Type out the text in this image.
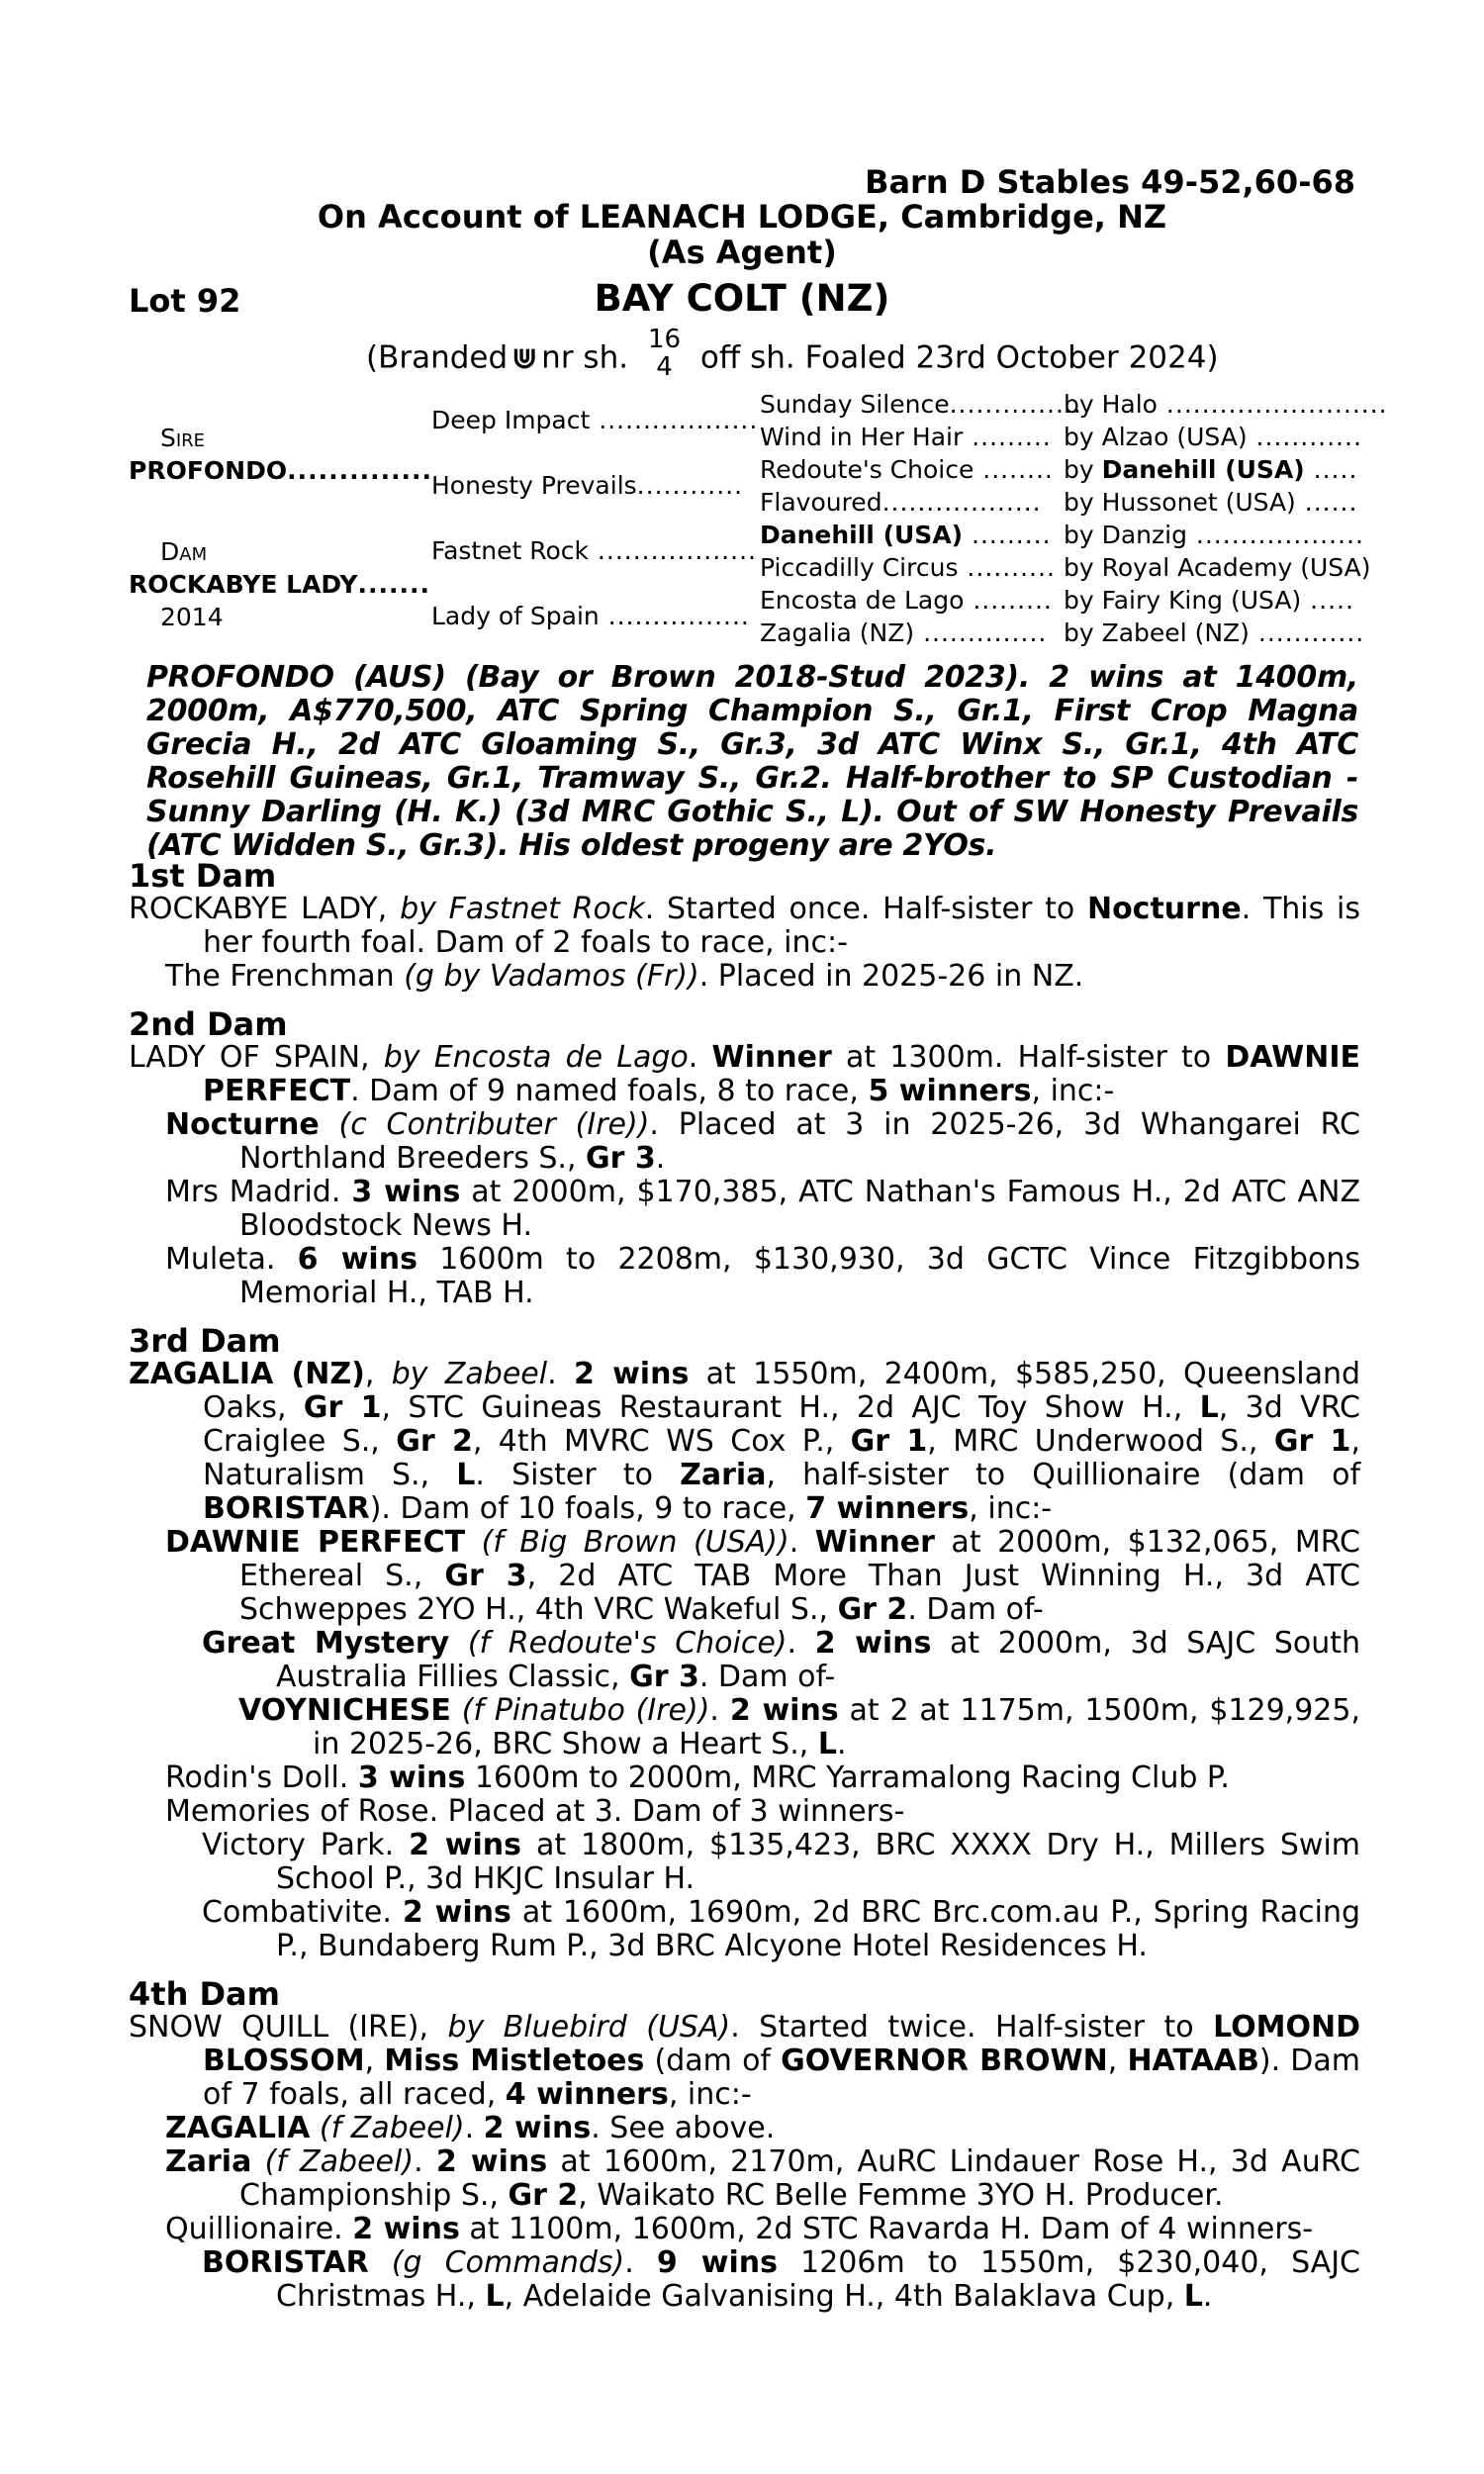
Barn D Stables 49-52,60-68
On Account of LEANACH LODGE, Cambridge, NZ
(As Agent)
Lot 92	BAY COLT (NZ)
(Branded ⋓ nr sh. 16
4 off sh. Foaled 23rd October 2024)
Sire
PROFONDO..............
Dam
ROCKABYE LADY.......
2014
Deep Impact ..................
Honesty Prevails............
Fastnet Rock ..................
Lady of Spain ................
Sunday Silence...............
Wind in Her Hair .........
Redoute's Choice ........
Flavoured..................
Danehill (USA) .........
Piccadilly Circus ..........
Encosta de Lago .........
Zagalia (NZ) ..............
by Halo .........................
by Alzao (USA) ............
by Danehill (USA) .....
by Hussonet (USA) ......
by Danzig ...................
by Royal Academy (USA)
by Fairy King (USA) .....
by Zabeel (NZ) ............
PROFONDO (AUS) (Bay or Brown 2018-Stud 2023). 2 wins at 1400m, 2000m, A$770,500, ATC Spring Champion S., Gr.1, First Crop Magna Grecia H., 2d ATC Gloaming S., Gr.3, 3d ATC Winx S., Gr.1, 4th ATC Rosehill Guineas, Gr.1, Tramway S., Gr.2. Half-brother to SP Custodian - Sunny Darling (H. K.) (3d MRC Gothic S., L). Out of SW Honesty Prevails (ATC Widden S., Gr.3). His oldest progeny are 2YOs.
1st Dam
ROCKABYE LADY, by Fastnet Rock. Started once. Half-sister to Nocturne. This is her fourth foal. Dam of 2 foals to race, inc:-
The Frenchman (g by Vadamos (Fr)). Placed in 2025-26 in NZ.
2nd Dam
LADY OF SPAIN, by Encosta de Lago. Winner at 1300m. Half-sister to DAWNIE PERFECT. Dam of 9 named foals, 8 to race, 5 winners, inc:-
Nocturne (c Contributer (Ire)). Placed at 3 in 2025-26, 3d Whangarei RC Northland Breeders S., Gr 3.
Mrs Madrid. 3 wins at 2000m, $170,385, ATC Nathan's Famous H., 2d ATC ANZ Bloodstock News H.
Muleta. 6 wins 1600m to 2208m, $130,930, 3d GCTC Vince Fitzgibbons Memorial H., TAB H.
3rd Dam
ZAGALIA (NZ), by Zabeel. 2 wins at 1550m, 2400m, $585,250, Queensland Oaks, Gr 1, STC Guineas Restaurant H., 2d AJC Toy Show H., L, 3d VRC Craiglee S., Gr 2, 4th MVRC WS Cox P., Gr 1, MRC Underwood S., Gr 1, Naturalism S., L. Sister to Zaria, half-sister to Quillionaire (dam of BORISTAR). Dam of 10 foals, 9 to race, 7 winners, inc:-
DAWNIE PERFECT (f Big Brown (USA)). Winner at 2000m, $132,065, MRC Ethereal S., Gr 3, 2d ATC TAB More Than Just Winning H., 3d ATC Schweppes 2YO H., 4th VRC Wakeful S., Gr 2. Dam of-
Great Mystery (f Redoute's Choice). 2 wins at 2000m, 3d SAJC South Australia Fillies Classic, Gr 3. Dam of-
VOYNICHESE (f Pinatubo (Ire)). 2 wins at 2 at 1175m, 1500m, $129,925, in 2025-26, BRC Show a Heart S., L.
Rodin's Doll. 3 wins 1600m to 2000m, MRC Yarramalong Racing Club P.
Memories of Rose. Placed at 3. Dam of 3 winners-
Victory Park. 2 wins at 1800m, $135,423, BRC XXXX Dry H., Millers Swim School P., 3d HKJC Insular H.
Combativite. 2 wins at 1600m, 1690m, 2d BRC Brc.com.au P., Spring Racing P., Bundaberg Rum P., 3d BRC Alcyone Hotel Residences H.
4th Dam
SNOW QUILL (IRE), by Bluebird (USA). Started twice. Half-sister to LOMOND BLOSSOM, Miss Mistletoes (dam of GOVERNOR BROWN, HATAAB). Dam of 7 foals, all raced, 4 winners, inc:-
ZAGALIA (f Zabeel). 2 wins. See above.
Zaria (f Zabeel). 2 wins at 1600m, 2170m, AuRC Lindauer Rose H., 3d AuRC Championship S., Gr 2, Waikato RC Belle Femme 3YO H. Producer.
Quillionaire. 2 wins at 1100m, 1600m, 2d STC Ravarda H. Dam of 4 winners-
BORISTAR (g Commands). 9 wins 1206m to 1550m, $230,040, SAJC Christmas H., L, Adelaide Galvanising H., 4th Balaklava Cup, L.
